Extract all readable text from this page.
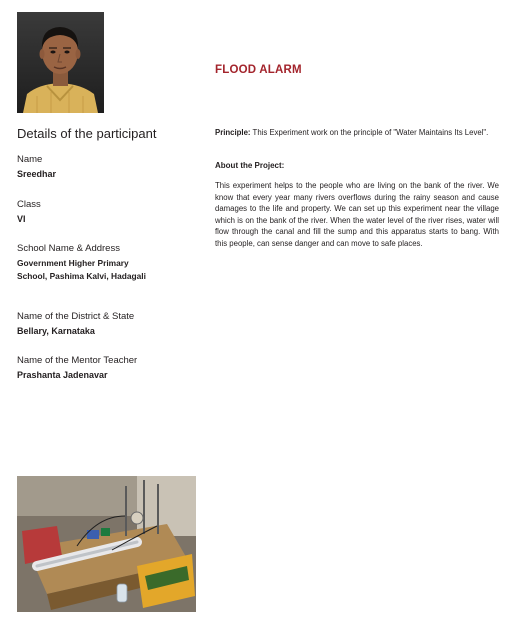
Details of the participant
Name
Sreedhar
Class
VI
School Name & Address
Government Higher Primary
School, Pashima Kalvi, Hadagali
Name of the District & State
Bellary, Karnataka
Name of the Mentor Teacher
Prashanta Jadenavar
FLOOD ALARM
Principle: This Experiment work on the principle of "Water Maintains Its Level".
About the Project:
This experiment helps to the people who are living on the bank of the river. We know that every year many rivers overflows during the rainy season and cause damages to the life and property. We can set up this experiment near the village which is on the bank of the river. When the water level of the river rises, water will flow through the canal and fill the sump and this apparatus starts to bang. With this people, can sense danger and can move to safe places.
